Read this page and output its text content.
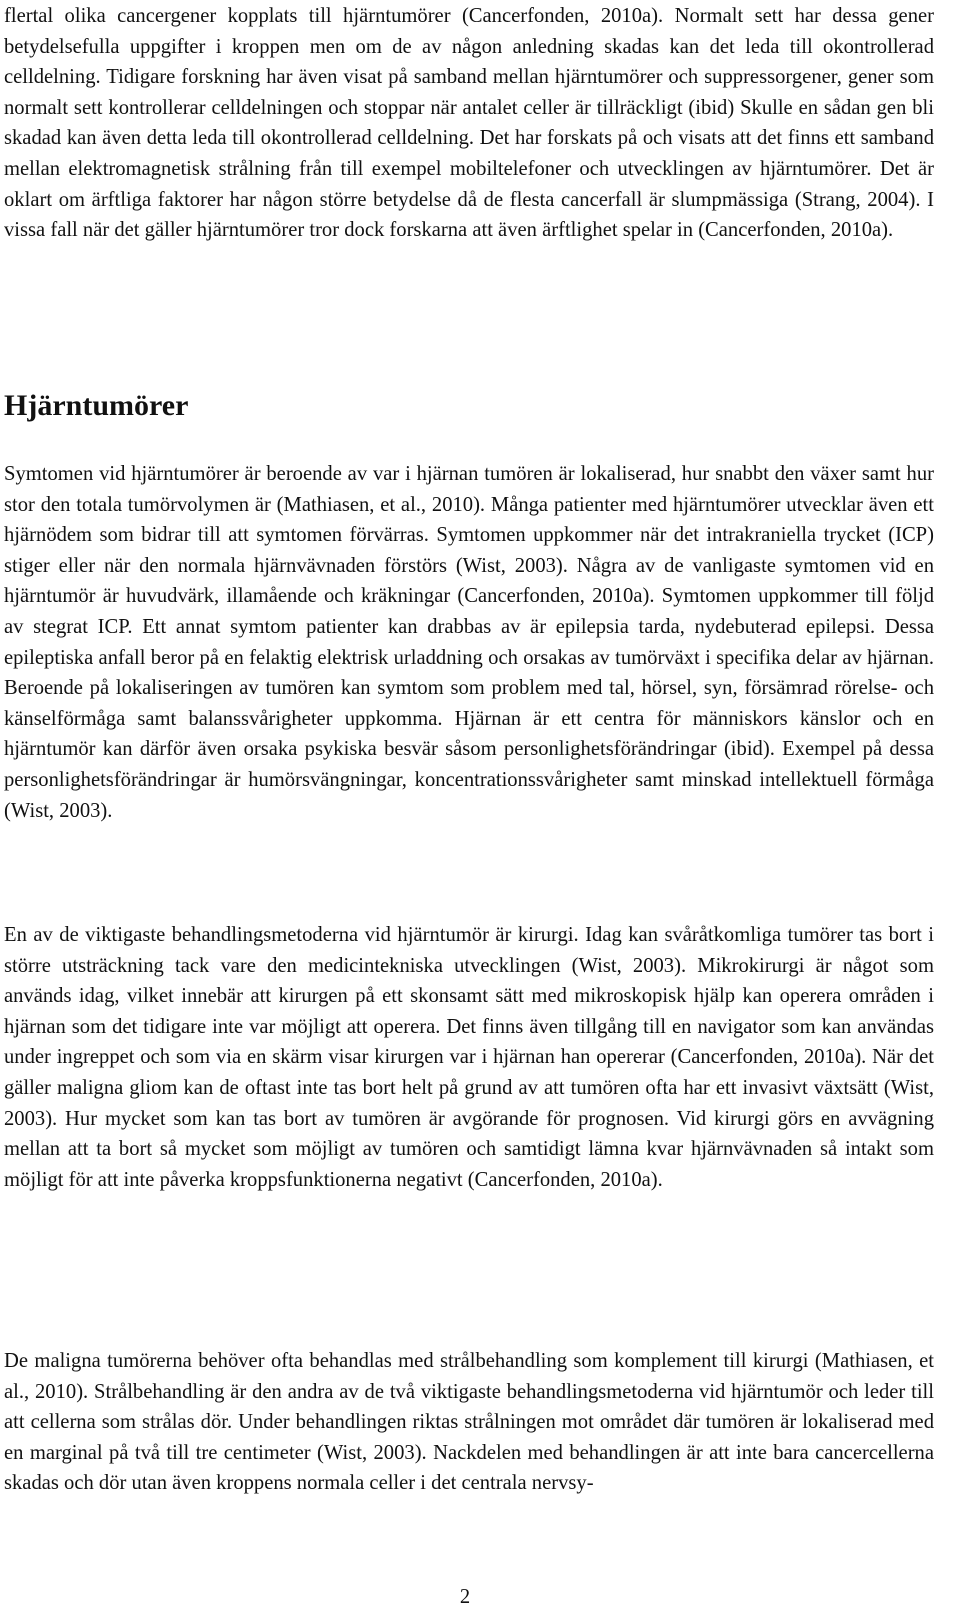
flertal olika cancergener kopplats till hjärntumörer (Cancerfonden, 2010a). Normalt sett har dessa gener betydelsefulla uppgifter i kroppen men om de av någon anledning skadas kan det leda till okontrollerad celldelning. Tidigare forskning har även visat på samband mellan hjärntumörer och suppressorgener, gener som normalt sett kontrollerar celldelningen och stoppar när antalet celler är tillräckligt (ibid) Skulle en sådan gen bli skadad kan även detta leda till okontrollerad celldelning. Det har forskats på och visats att det finns ett samband mellan elektromagnetisk strålning från till exempel mobiltelefoner och utvecklingen av hjärntumörer. Det är oklart om ärftliga faktorer har någon större betydelse då de flesta cancerfall är slumpmässiga (Strang, 2004). I vissa fall när det gäller hjärntumörer tror dock forskarna att även ärftlighet spelar in (Cancerfonden, 2010a).

Hjärntumörer

Symtomen vid hjärntumörer är beroende av var i hjärnan tumören är lokaliserad, hur snabbt den växer samt hur stor den totala tumörvolymen är (Mathiasen, et al., 2010). Många patienter med hjärntumörer utvecklar även ett hjärnödem som bidrar till att symtomen förvärras. Symtomen uppkommer när det intrakraniella trycket (ICP) stiger eller när den normala hjärnvävnaden förstörs (Wist, 2003). Några av de vanligaste symtomen vid en hjärntumör är huvudvärk, illamående och kräkningar (Cancerfonden, 2010a). Symtomen uppkommer till följd av stegrat ICP. Ett annat symtom patienter kan drabbas av är epilepsia tarda, nydebuterad epilepsi. Dessa epileptiska anfall beror på en felaktig elektrisk urladdning och orsakas av tumörväxt i specifika delar av hjärnan. Beroende på lokaliseringen av tumören kan symtom som problem med tal, hörsel, syn, försämrad rörelse- och känselförmåga samt balanssvårigheter uppkomma. Hjärnan är ett centra för människors känslor och en hjärntumör kan därför även orsaka psykiska besvär såsom personlighetsförändringar (ibid). Exempel på dessa personlighetsförändringar är humörsvängningar, koncentrationssvårigheter samt minskad intellektuell förmåga (Wist, 2003).

En av de viktigaste behandlingsmetoderna vid hjärntumör är kirurgi. Idag kan svåråtkomliga tumörer tas bort i större utsträckning tack vare den medicintekniska utvecklingen (Wist, 2003). Mikrokirurgi är något som används idag, vilket innebär att kirurgen på ett skonsamt sätt med mikroskopisk hjälp kan operera områden i hjärnan som det tidigare inte var möjligt att operera. Det finns även tillgång till en navigator som kan användas under ingreppet och som via en skärm visar kirurgen var i hjärnan han opererar (Cancerfonden, 2010a). När det gäller maligna gliom kan de oftast inte tas bort helt på grund av att tumören ofta har ett invasivt växtsätt (Wist, 2003). Hur mycket som kan tas bort av tumören är avgörande för prognosen. Vid kirurgi görs en avvägning mellan att ta bort så mycket som möjligt av tumören och samtidigt lämna kvar hjärnvävnaden så intakt som möjligt för att inte påverka kroppsfunktionerna negativt (Cancerfonden, 2010a).

De maligna tumörerna behöver ofta behandlas med strålbehandling som komplement till kirurgi (Mathiasen, et al., 2010). Strålbehandling är den andra av de två viktigaste behandlingsmetoderna vid hjärntumör och leder till att cellerna som strålas dör. Under behandlingen riktas strålningen mot området där tumören är lokaliserad med en marginal på två till tre centimeter (Wist, 2003). Nackdelen med behandlingen är att inte bara cancercellerna skadas och dör utan även kroppens normala celler i det centrala nervsy-

2
